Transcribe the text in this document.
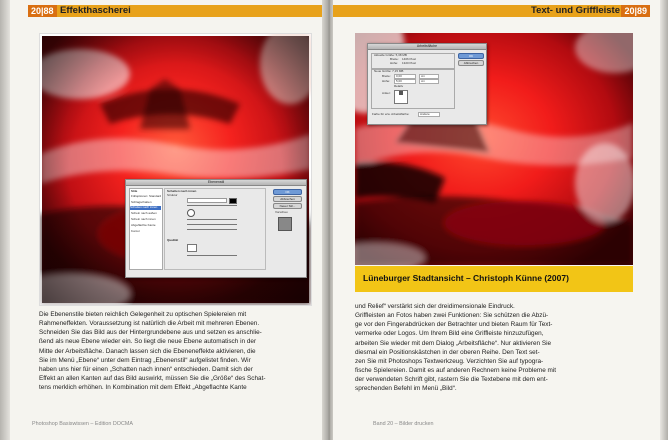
20|88 Effekthascherei
Ebenenstil
Stile
Fülloptionen: Standard
Schlagschatten
Schatten nach innen
Schein nach außen
Schein nach innen
Abgeflachte Kante
Kontur
Schatten nach innen
Struktur
Qualität
OK
Abbrechen
Neuer Stil...
Vorschau
Die Ebenenstile bieten reichlich Gelegenheit zu optischen Spielereien mit
Rahmeneffekten. Voraussetzung ist natürlich die Arbeit mit mehreren Ebenen.
Schneiden Sie das Bild aus der Hintergrundebene aus und setzen es anschlie-
ßend als neue Ebene wieder ein. So liegt die neue Ebene automatisch in der
Mitte der Arbeitsfläche. Danach lassen sich die Ebeneneffekte aktivieren, die
Sie im Menü „Ebene“ unter dem Eintrag „Ebenenstil“ aufgelistet finden. Wir
haben uns hier für einen „Schatten nach innen“ entschieden. Damit sich der
Effekt an allen Kanten auf das Bild auswirkt, müssen Sie die „Größe“ des Schat-
tens merklich erhöhen. In Kombination mit dem Effekt „Abgeflachte Kante
Photoshop Basiswissen – Edition DOCMA
Text- und Griffleiste 20|89
Arbeitsfläche
Aktuelle Größe: 5,38 MB
Breite: 1406 Pixel
Höhe: 1320 Pixel
Neue Größe: 7,15 MB
Breite: 0,00	cm
Höhe: 5,00	cm
Relativ
Anker:
Farbe für erw. Arbeitsfläche:	Andere
OK
Abbrechen
Lüneburger Stadtansicht – Christoph Künne (2007)
und Relief“ verstärkt sich der dreidimensionale Eindruck.
Griffleisten an Fotos haben zwei Funktionen: Sie schützen die Abzü-
ge vor den Fingerabdrücken der Betrachter und bieten Raum für Text-
vermerke oder Logos. Um Ihrem Bild eine Griffleiste hinzuzufügen,
arbeiten Sie wieder mit dem Dialog „Arbeitsfläche“. Nur aktivieren Sie
diesmal ein Positionskästchen in der oberen Reihe. Den Text set-
zen Sie mit Photoshops Textwerkzeug. Verzichten Sie auf typogra-
fische Spielereien. Damit es auf anderen Rechnern keine Probleme mit
der verwendeten Schrift gibt, rastern Sie die Textebene mit dem ent-
sprechenden Befehl im Menü „Bild“.
Band 20 – Bilder drucken
